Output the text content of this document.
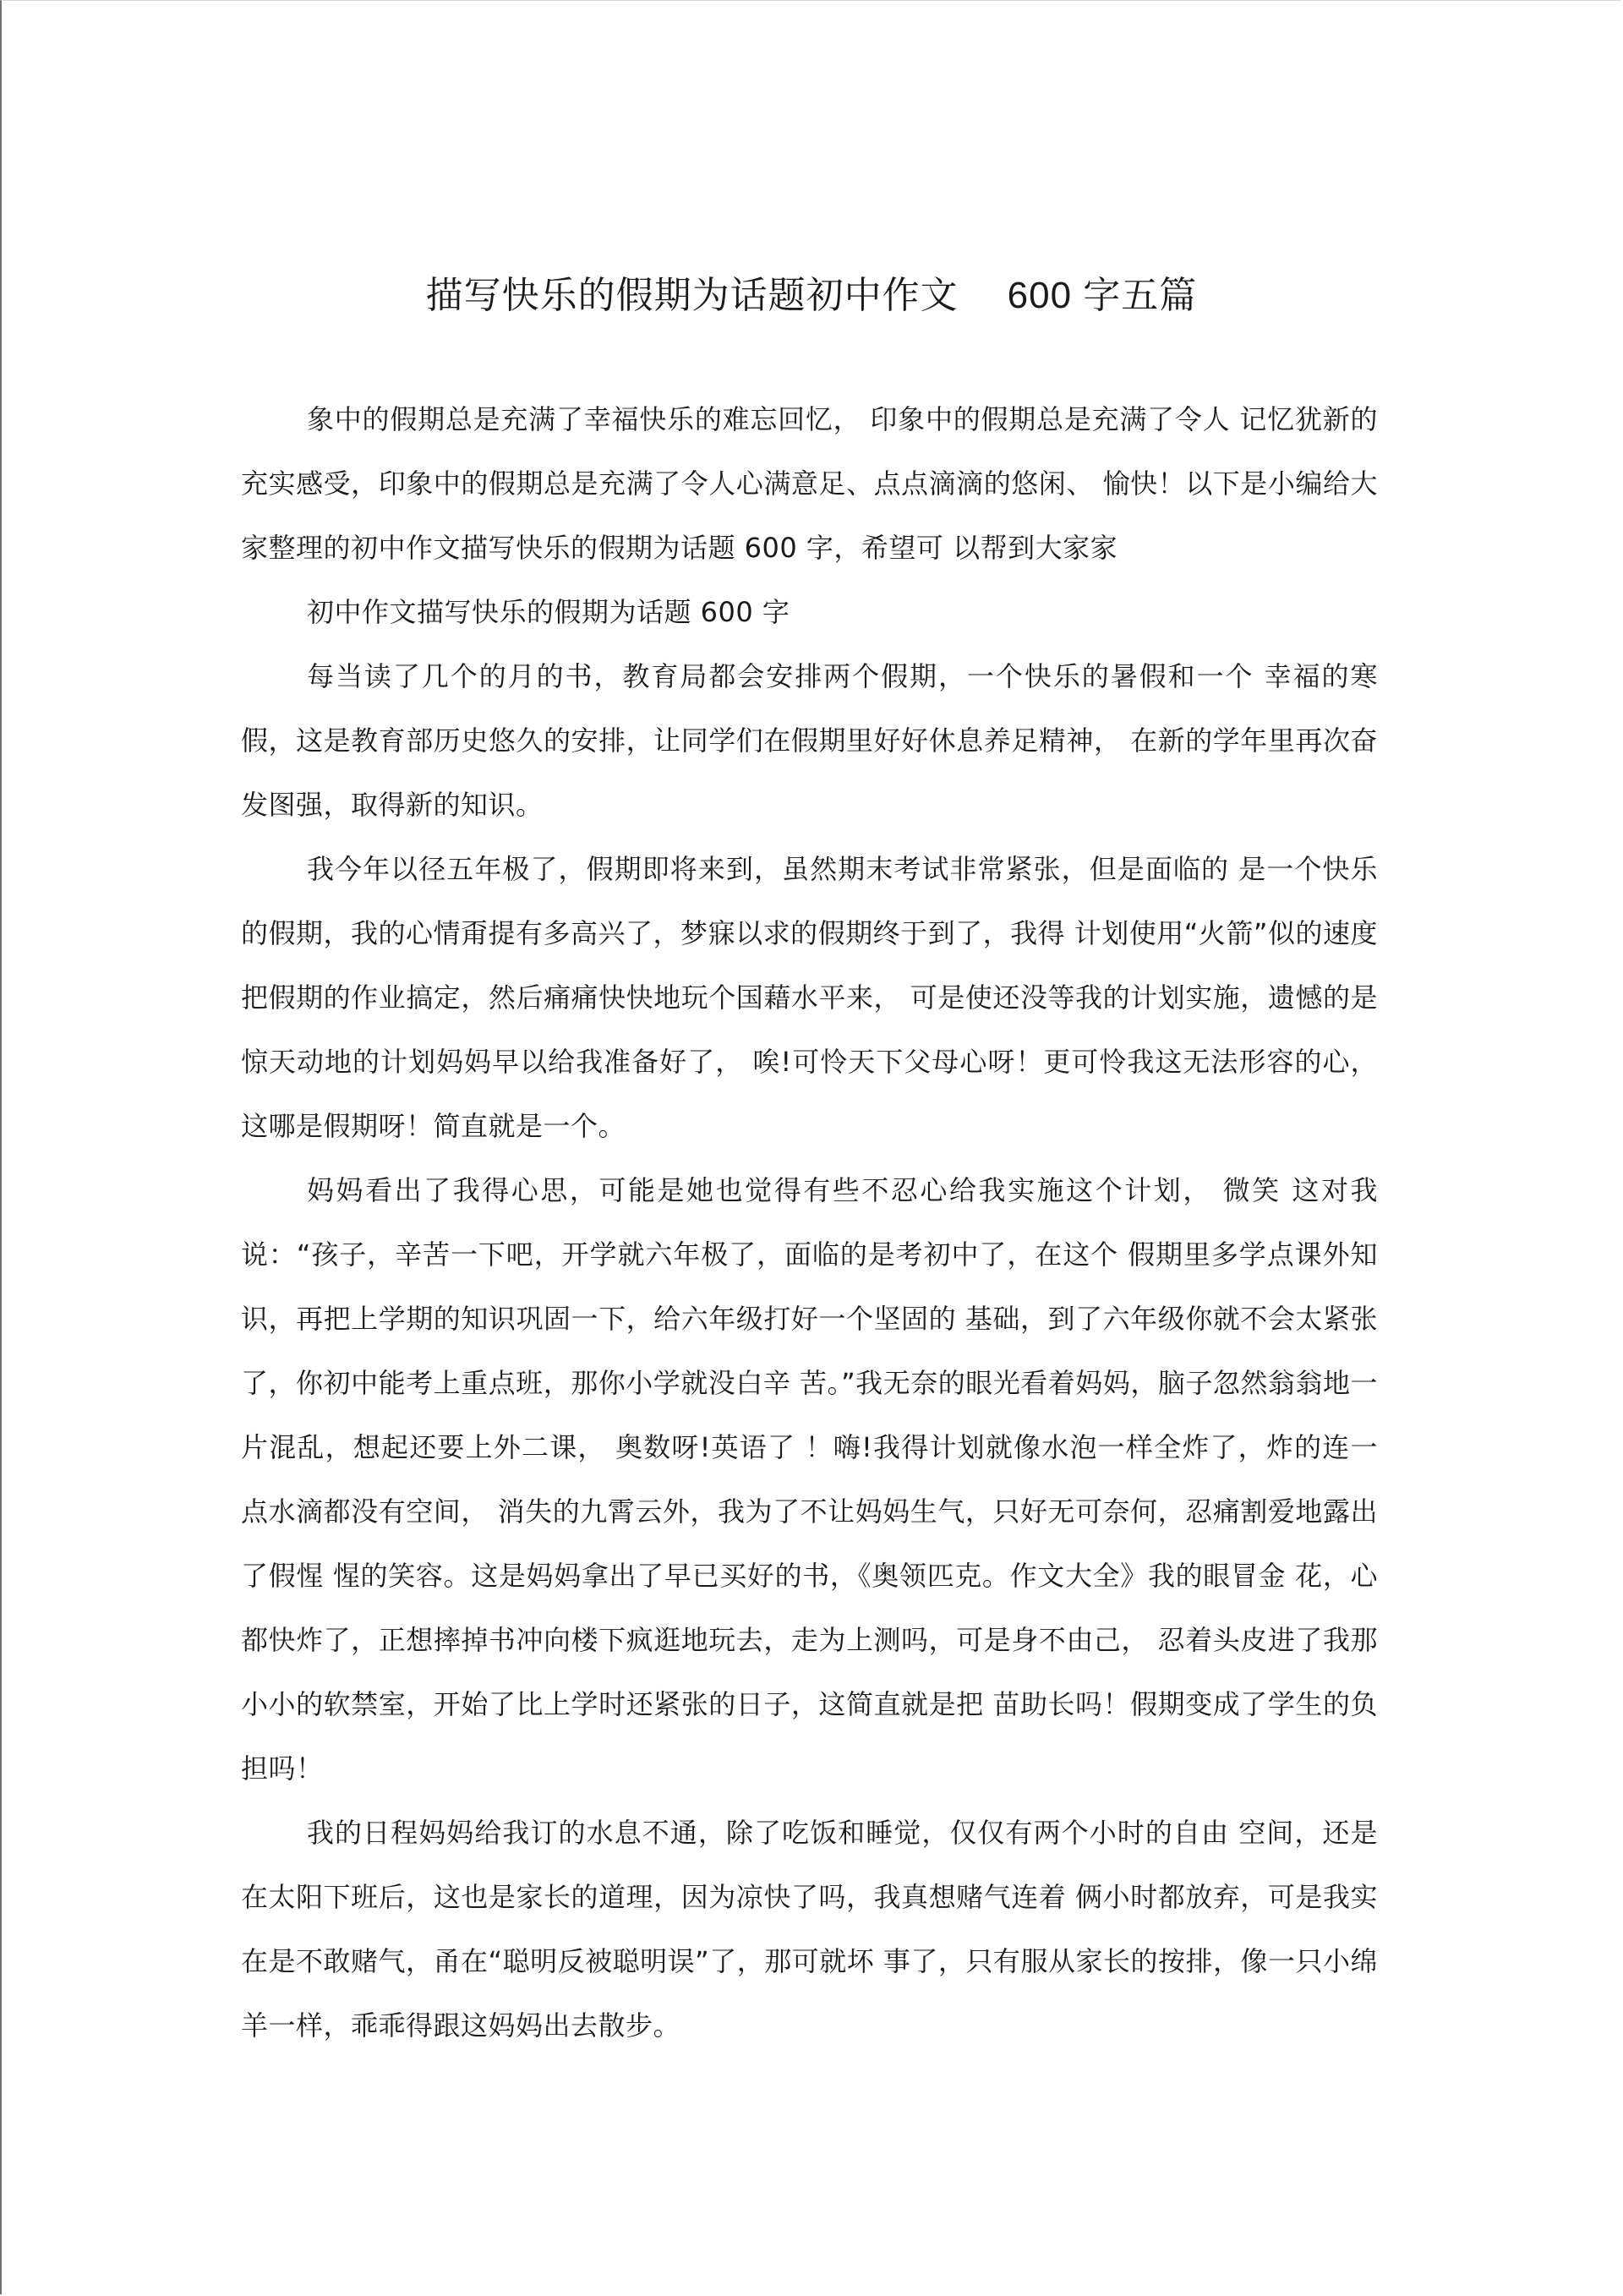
描写快乐的假期为话题初中作文 600 字五篇

象中的假期总是充满了幸福快乐的难忘回忆， 印象中的假期总是充满了令人 记忆犹新的充实感受，印象中的假期总是充满了令人心满意足、点点滴滴的悠闲、 愉快！以下是小编给大家整理的初中作文描写快乐的假期为话题 600 字，希望可 以帮到大家家

初中作文描写快乐的假期为话题 600 字

每当读了几个的月的书，教育局都会安排两个假期，一个快乐的暑假和一个 幸福的寒假，这是教育部历史悠久的安排，让同学们在假期里好好休息养足精神， 在新的学年里再次奋发图强，取得新的知识。

我今年以径五年极了，假期即将来到，虽然期末考试非常紧张，但是面临的 是一个快乐的假期，我的心情甭提有多高兴了，梦寐以求的假期终于到了，我得 计划使用“火箭”似的速度把假期的作业搞定，然后痛痛快快地玩个国藉水平来， 可是使还没等我的计划实施，遗憾的是惊天动地的计划妈妈早以给我准备好了， 唉!可怜天下父母心呀！更可怜我这无法形容的心，这哪是假期呀！简直就是一个。

妈妈看出了我得心思，可能是她也觉得有些不忍心给我实施这个计划， 微笑 这对我说：“孩子，辛苦一下吧，开学就六年极了，面临的是考初中了，在这个 假期里多学点课外知识，再把上学期的知识巩固一下，给六年级打好一个坚固的 基础，到了六年级你就不会太紧张了，你初中能考上重点班，那你小学就没白辛 苦。”我无奈的眼光看着妈妈，脑子忽然翁翁地一片混乱，想起还要上外二课， 奥数呀!英语了 ！嗨!我得计划就像水泡一样全炸了，炸的连一点水滴都没有空间， 消失的九霄云外，我为了不让妈妈生气，只好无可奈何，忍痛割爱地露出了假惺 惺的笑容。这是妈妈拿出了早已买好的书，《奥领匹克。作文大全》我的眼冒金 花，心都快炸了，正想摔掉书冲向楼下疯逛地玩去，走为上测吗，可是身不由己， 忍着头皮进了我那小小的软禁室，开始了比上学时还紧张的日子，这简直就是把 苗助长吗！假期变成了学生的负担吗！

我的日程妈妈给我订的水息不通，除了吃饭和睡觉，仅仅有两个小时的自由 空间，还是在太阳下班后，这也是家长的道理，因为凉快了吗，我真想赌气连着 俩小时都放弃，可是我实在是不敢赌气，甬在“聪明反被聪明误”了，那可就坏 事了，只有服从家长的按排，像一只小绵羊一样，乖乖得跟这妈妈出去散步。
